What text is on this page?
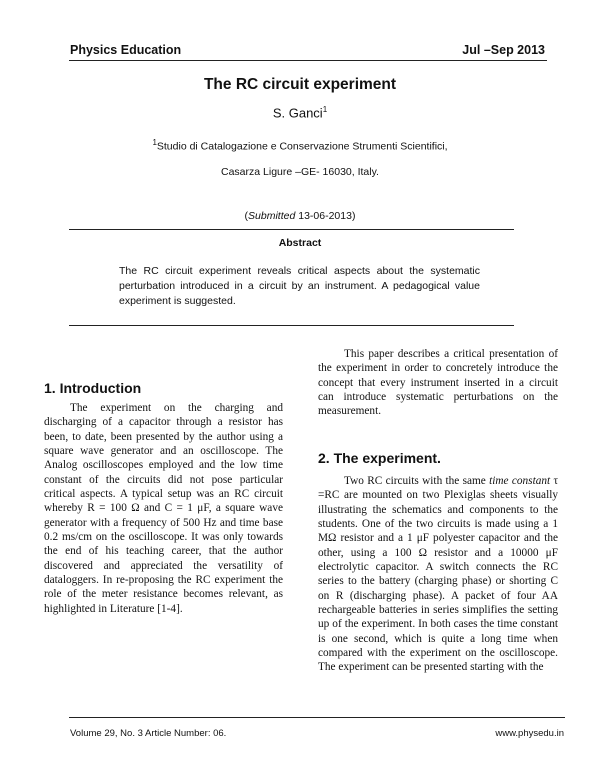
Physics Education	Jul –Sep 2013
The RC circuit experiment
S. Ganci$^1$
$^1$Studio di Catalogazione e Conservazione Strumenti Scientifici,
Casarza Ligure –GE- 16030, Italy.
(Submitted 13-06-2013)
Abstract
The RC circuit experiment reveals critical aspects about the systematic perturbation introduced in a circuit by an instrument. A pedagogical value experiment is suggested.
1. Introduction

The experiment on the charging and discharging of a capacitor through a resistor has been, to date, been presented by the author using a square wave generator and an oscilloscope. The Analog oscilloscopes employed and the low time constant of the circuits did not pose particular critical aspects. A typical setup was an RC circuit whereby R = 100 Ω and C = 1 μF, a square wave generator with a frequency of 500 Hz and time base 0.2 ms/cm on the oscilloscope. It was only towards the end of his teaching career, that the author discovered and appreciated the versatility of dataloggers. In re-proposing the RC experiment the role of the meter resistance becomes relevant, as highlighted in Literature [1-4].

This paper describes a critical presentation of the experiment in order to concretely introduce the concept that every instrument inserted in a circuit can introduce systematic perturbations on the measurement.

2. The experiment.

Two RC circuits with the same time constant τ =RC are mounted on two Plexiglas sheets visually illustrating the schematics and components to the students. One of the two circuits is made using a 1 MΩ resistor and a 1 μF polyester capacitor and the other, using a 100 Ω resistor and a 10000 μF electrolytic capacitor. A switch connects the RC series to the battery (charging phase) or shorting C on R (discharging phase). A packet of four AA rechargeable batteries in series simplifies the setting up of the experiment. In both cases the time constant is one second, which is quite a long time when compared with the experiment on the oscilloscope. The experiment can be presented starting with the

Volume 29, No. 3 Article Number: 06.	www.physedu.in
